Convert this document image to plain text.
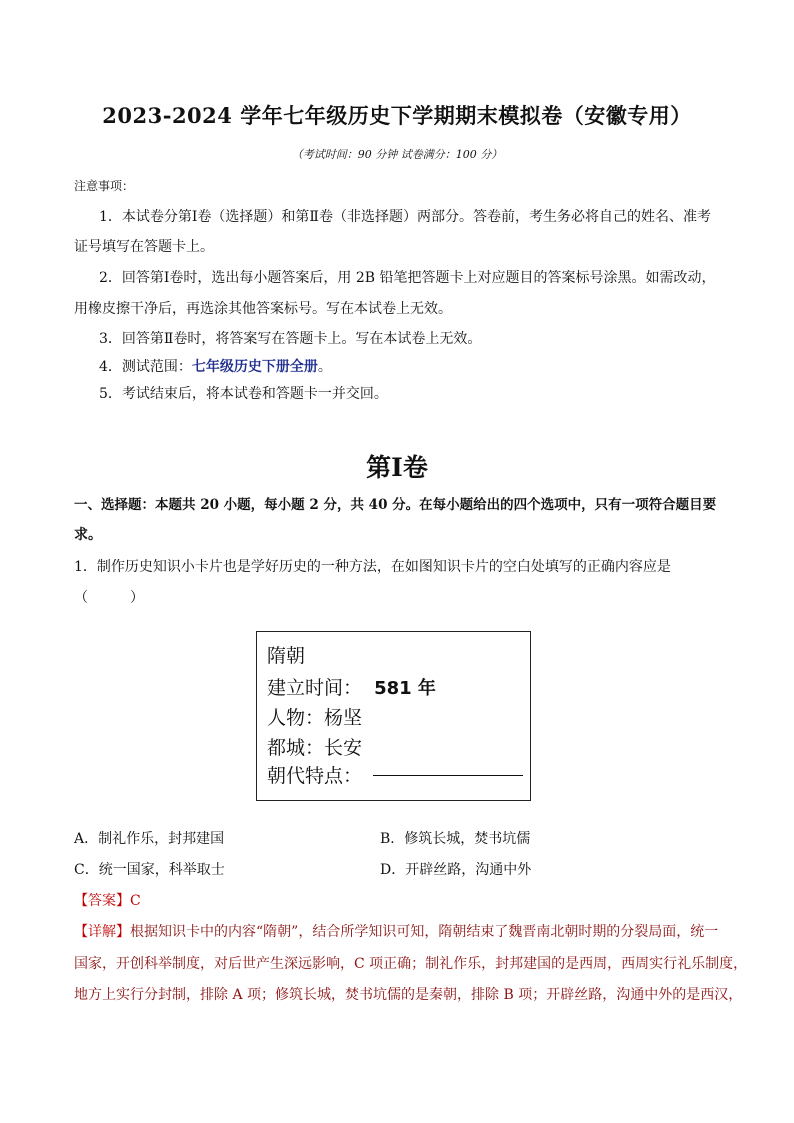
2023-2024 学年七年级历史下学期期末模拟卷（安徽专用）
（考试时间：90 分钟 试卷满分：100 分）
注意事项：
1．本试卷分第Ⅰ卷（选择题）和第Ⅱ卷（非选择题）两部分。答卷前，考生务必将自己的姓名、准考
证号填写在答题卡上。
2．回答第Ⅰ卷时，选出每小题答案后，用 2B 铅笔把答题卡上对应题目的答案标号涂黑。如需改动，
用橡皮擦干净后，再选涂其他答案标号。写在本试卷上无效。
3．回答第Ⅱ卷时，将答案写在答题卡上。写在本试卷上无效。
4．测试范围：七年级历史下册全册。
5．考试结束后，将本试卷和答题卡一并交回。
第Ⅰ卷
一、选择题：本题共 20 小题，每小题 2 分，共 40 分。在每小题给出的四个选项中，只有一项符合题目要
求。
1．制作历史知识小卡片也是学好历史的一种方法，在如图知识卡片的空白处填写的正确内容应是
（　　　）
隋朝
建立时间： 581 年
人物：杨坚
都城：长安
朝代特点：
A．制礼作乐，封邦建国	B．修筑长城，焚书坑儒
C．统一国家，科举取士	D．开辟丝路，沟通中外
【答案】C
【详解】根据知识卡中的内容“隋朝”，结合所学知识可知，隋朝结束了魏晋南北朝时期的分裂局面，统一
国家，开创科举制度，对后世产生深远影响，C 项正确；制礼作乐，封邦建国的是西周，西周实行礼乐制度，
地方上实行分封制，排除 A 项；修筑长城，焚书坑儒的是秦朝，排除 B 项；开辟丝路，沟通中外的是西汉，
